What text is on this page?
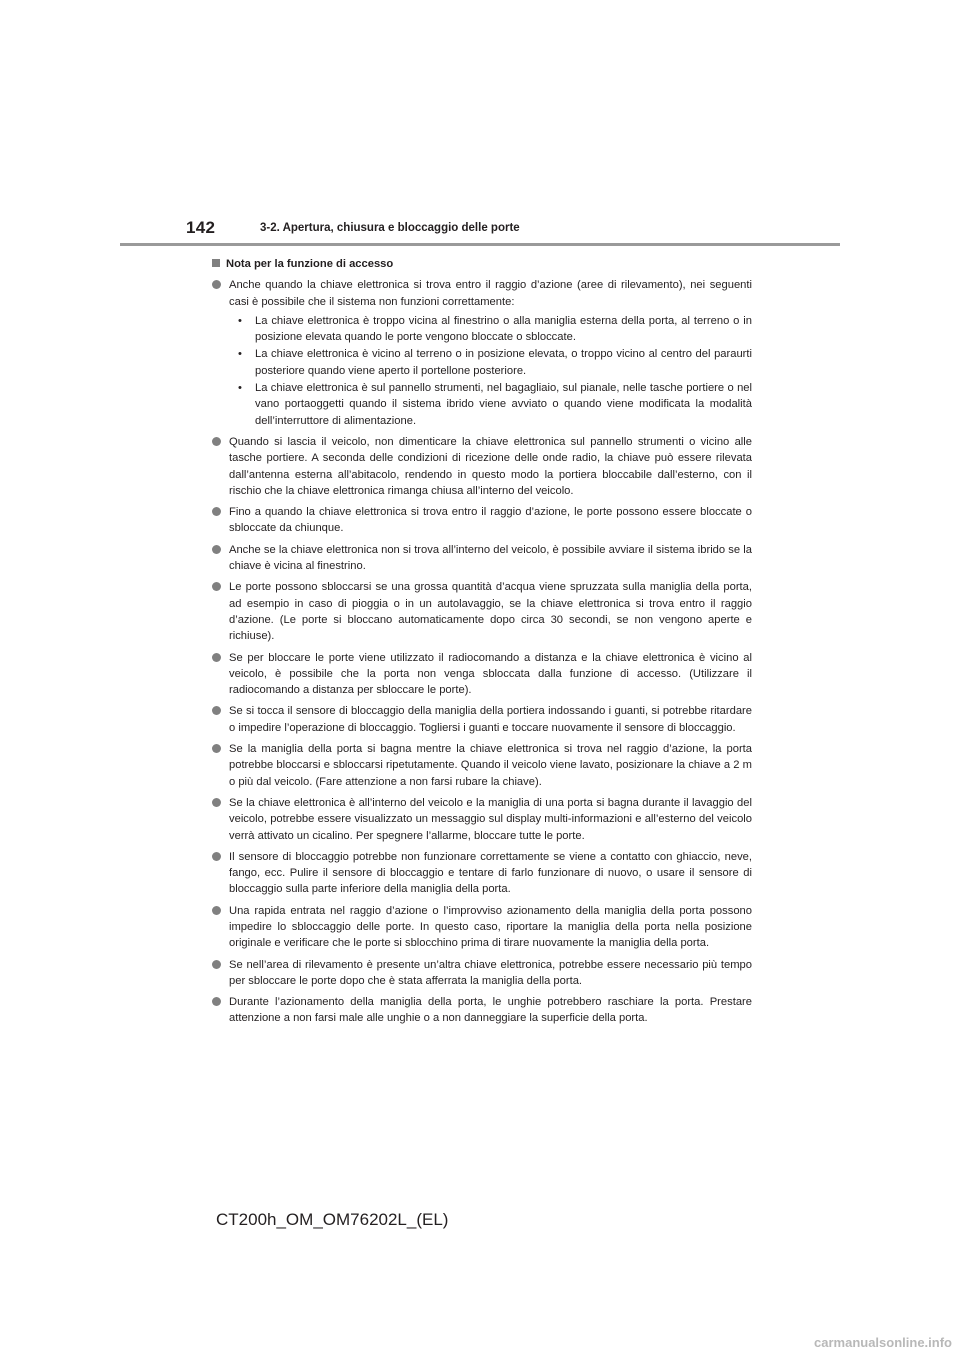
142	3-2. Apertura, chiusura e bloccaggio delle porte
Nota per la funzione di accesso
Anche quando la chiave elettronica si trova entro il raggio d’azione (aree di rilevamento), nei seguenti casi è possibile che il sistema non funzioni correttamente:
• La chiave elettronica è troppo vicina al finestrino o alla maniglia esterna della porta, al terreno o in posizione elevata quando le porte vengono bloccate o sbloccate.
• La chiave elettronica è vicino al terreno o in posizione elevata, o troppo vicino al centro del paraurti posteriore quando viene aperto il portellone posteriore.
• La chiave elettronica è sul pannello strumenti, nel bagagliaio, sul pianale, nelle tasche portiere o nel vano portaoggetti quando il sistema ibrido viene avviato o quando viene modificata la modalità dell’interruttore di alimentazione.
Quando si lascia il veicolo, non dimenticare la chiave elettronica sul pannello strumenti o vicino alle tasche portiere. A seconda delle condizioni di ricezione delle onde radio, la chiave può essere rilevata dall’antenna esterna all’abitacolo, rendendo in questo modo la portiera bloccabile dall’esterno, con il rischio che la chiave elettronica rimanga chiusa all’interno del veicolo.
Fino a quando la chiave elettronica si trova entro il raggio d’azione, le porte possono essere bloccate o sbloccate da chiunque.
Anche se la chiave elettronica non si trova all’interno del veicolo, è possibile avviare il sistema ibrido se la chiave è vicina al finestrino.
Le porte possono sbloccarsi se una grossa quantità d’acqua viene spruzzata sulla maniglia della porta, ad esempio in caso di pioggia o in un autolavaggio, se la chiave elettronica si trova entro il raggio d’azione. (Le porte si bloccano automaticamente dopo circa 30 secondi, se non vengono aperte e richiuse).
Se per bloccare le porte viene utilizzato il radiocomando a distanza e la chiave elettronica è vicino al veicolo, è possibile che la porta non venga sbloccata dalla funzione di accesso. (Utilizzare il radiocomando a distanza per sbloccare le porte).
Se si tocca il sensore di bloccaggio della maniglia della portiera indossando i guanti, si potrebbe ritardare o impedire l’operazione di bloccaggio. Togliersi i guanti e toccare nuovamente il sensore di bloccaggio.
Se la maniglia della porta si bagna mentre la chiave elettronica si trova nel raggio d’azione, la porta potrebbe bloccarsi e sbloccarsi ripetutamente. Quando il veicolo viene lavato, posizionare la chiave a 2 m o più dal veicolo. (Fare attenzione a non farsi rubare la chiave).
Se la chiave elettronica è all’interno del veicolo e la maniglia di una porta si bagna durante il lavaggio del veicolo, potrebbe essere visualizzato un messaggio sul display multi-informazioni e all’esterno del veicolo verrà attivato un cicalino. Per spegnere l’allarme, bloccare tutte le porte.
Il sensore di bloccaggio potrebbe non funzionare correttamente se viene a contatto con ghiaccio, neve, fango, ecc. Pulire il sensore di bloccaggio e tentare di farlo funzionare di nuovo, o usare il sensore di bloccaggio sulla parte inferiore della maniglia della porta.
Una rapida entrata nel raggio d’azione o l’improvviso azionamento della maniglia della porta possono impedire lo sbloccaggio delle porte. In questo caso, riportare la maniglia della porta nella posizione originale e verificare che le porte si sblocchino prima di tirare nuovamente la maniglia della porta.
Se nell’area di rilevamento è presente un’altra chiave elettronica, potrebbe essere necessario più tempo per sbloccare le porte dopo che è stata afferrata la maniglia della porta.
Durante l’azionamento della maniglia della porta, le unghie potrebbero raschiare la porta. Prestare attenzione a non farsi male alle unghie o a non danneggiare la superficie della porta.
CT200h_OM_OM76202L_(EL)
carmanualsonline.info
